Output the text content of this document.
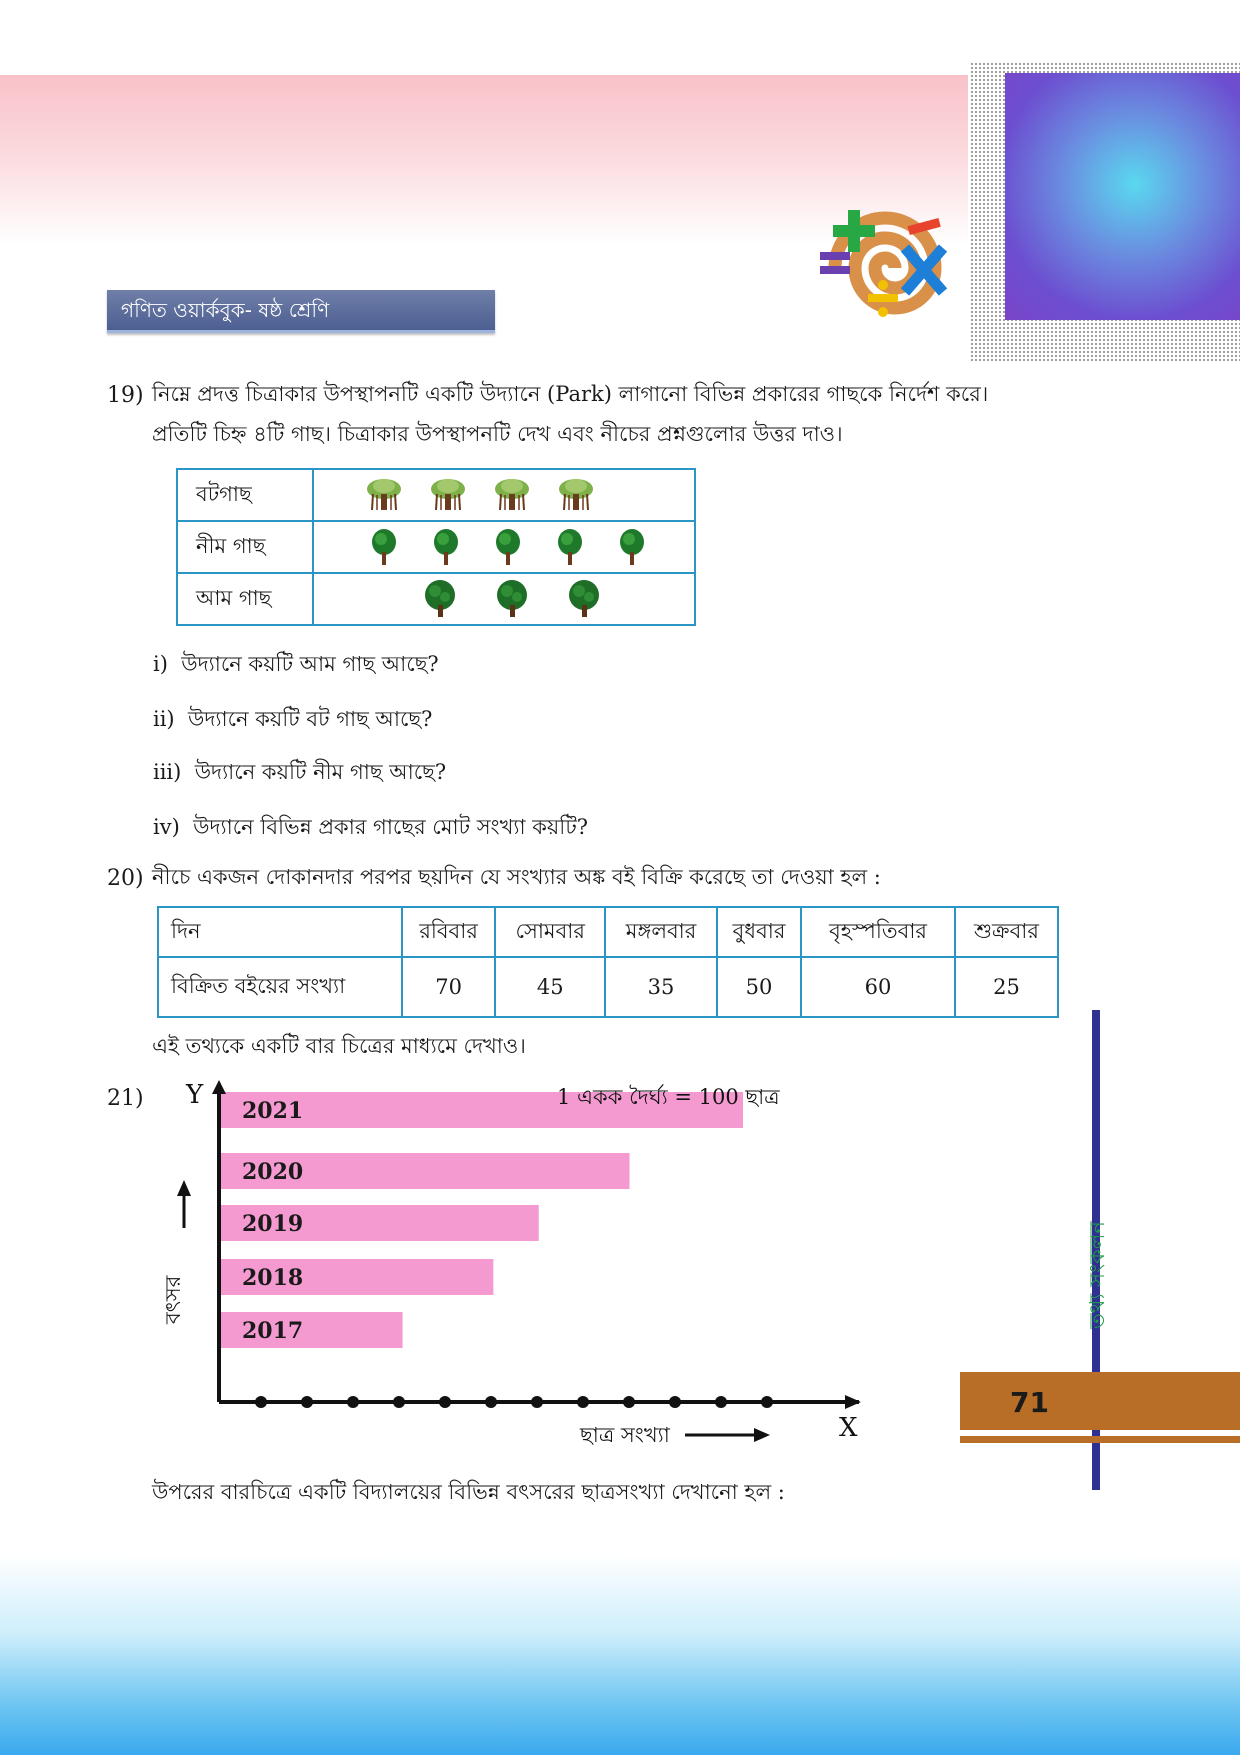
গণিত ওয়ার্কবুক- ষষ্ঠ শ্রেণি
19) নিম্নে প্রদত্ত চিত্রাকার উপস্থাপনটি একটি উদ্যানে (Park) লাগানো বিভিন্ন প্রকারের গাছকে নির্দেশ করে।
প্রতিটি চিহ্ন ৪টি গাছ। চিত্রাকার উপস্থাপনটি দেখ এবং নীচের প্রশ্নগুলোর উত্তর দাও।
বটগাছ	

নীম গাছ	

আম গাছ	
i) উদ্যানে কয়টি আম গাছ আছে?
ii) উদ্যানে কয়টি বট গাছ আছে?
iii) উদ্যানে কয়টি নীম গাছ আছে?
iv) উদ্যানে বিভিন্ন প্রকার গাছের মোট সংখ্যা কয়টি?
20) নীচে একজন দোকানদার পরপর ছয়দিন যে সংখ্যার অঙ্ক বই বিক্রি করেছে তা দেওয়া হল :
দিন	রবিবার	সোমবার	মঙ্গলবার	বুধবার	বৃহস্পতিবার	শুক্রবার
বিক্রিত বইয়ের সংখ্যা	70	45	35	50	60	25
এই তথ্যকে একটি বার চিত্রের মাধ্যমে দেখাও।
21)	2021
2020
2019
2018
2017
Y
X
1 একক দৈর্ঘ্য = 100 ছাত্র
ছাত্র সংখ্যা
বৎসর
উপরের বারচিত্রে একটি বিদ্যালয়ের বিভিন্ন বৎসরের ছাত্রসংখ্যা দেখানো হল :
তথ্য সংকলন
71
